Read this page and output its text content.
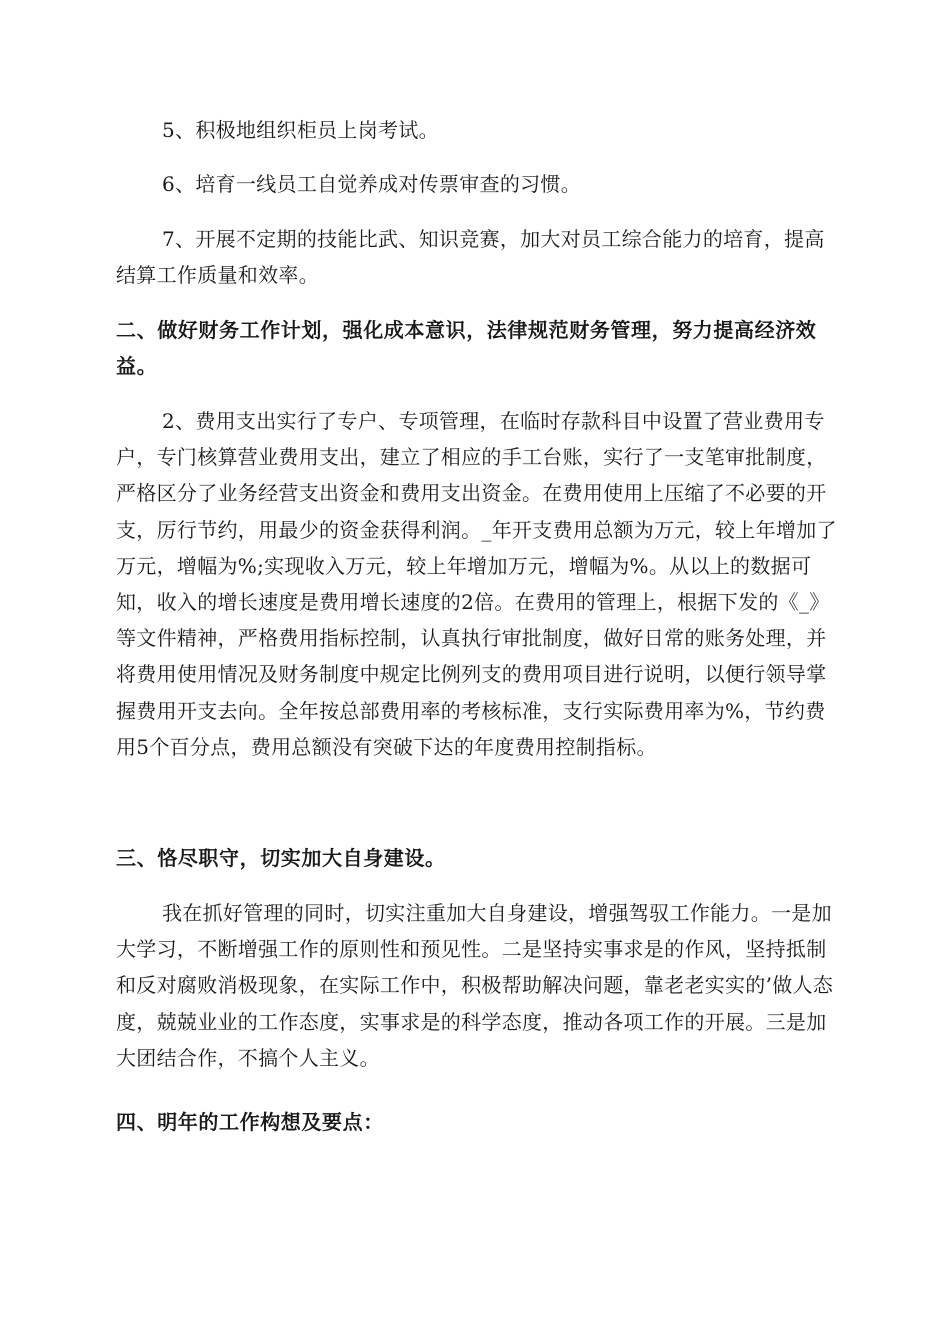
5、积极地组织柜员上岗考试。

6、培育一线员工自觉养成对传票审查的习惯。

7、开展不定期的技能比武、知识竞赛，加大对员工综合能力的培育，提高结算工作质量和效率。

二、做好财务工作计划，强化成本意识，法律规范财务管理，努力提高经济效益。

2、费用支出实行了专户、专项管理，在临时存款科目中设置了营业费用专户，专门核算营业费用支出，建立了相应的手工台账，实行了一支笔审批制度，严格区分了业务经营支出资金和费用支出资金。在费用使用上压缩了不必要的开支，厉行节约，用最少的资金获得利润。_年开支费用总额为万元，较上年增加了万元，增幅为%;实现收入万元，较上年增加万元，增幅为%。从以上的数据可知，收入的增长速度是费用增长速度的2倍。在费用的管理上，根据下发的《_》等文件精神，严格费用指标控制，认真执行审批制度，做好日常的账务处理，并将费用使用情况及财务制度中规定比例列支的费用项目进行说明，以便行领导掌握费用开支去向。全年按总部费用率的考核标准，支行实际费用率为%，节约费用5个百分点，费用总额没有突破下达的年度费用控制指标。

三、恪尽职守，切实加大自身建设。

我在抓好管理的同时，切实注重加大自身建设，增强驾驭工作能力。一是加大学习，不断增强工作的原则性和预见性。二是坚持实事求是的作风，坚持抵制和反对腐败消极现象，在实际工作中，积极帮助解决问题，靠老老实实的’做人态度，兢兢业业的工作态度，实事求是的科学态度，推动各项工作的开展。三是加大团结合作，不搞个人主义。

四、明年的工作构想及要点：
